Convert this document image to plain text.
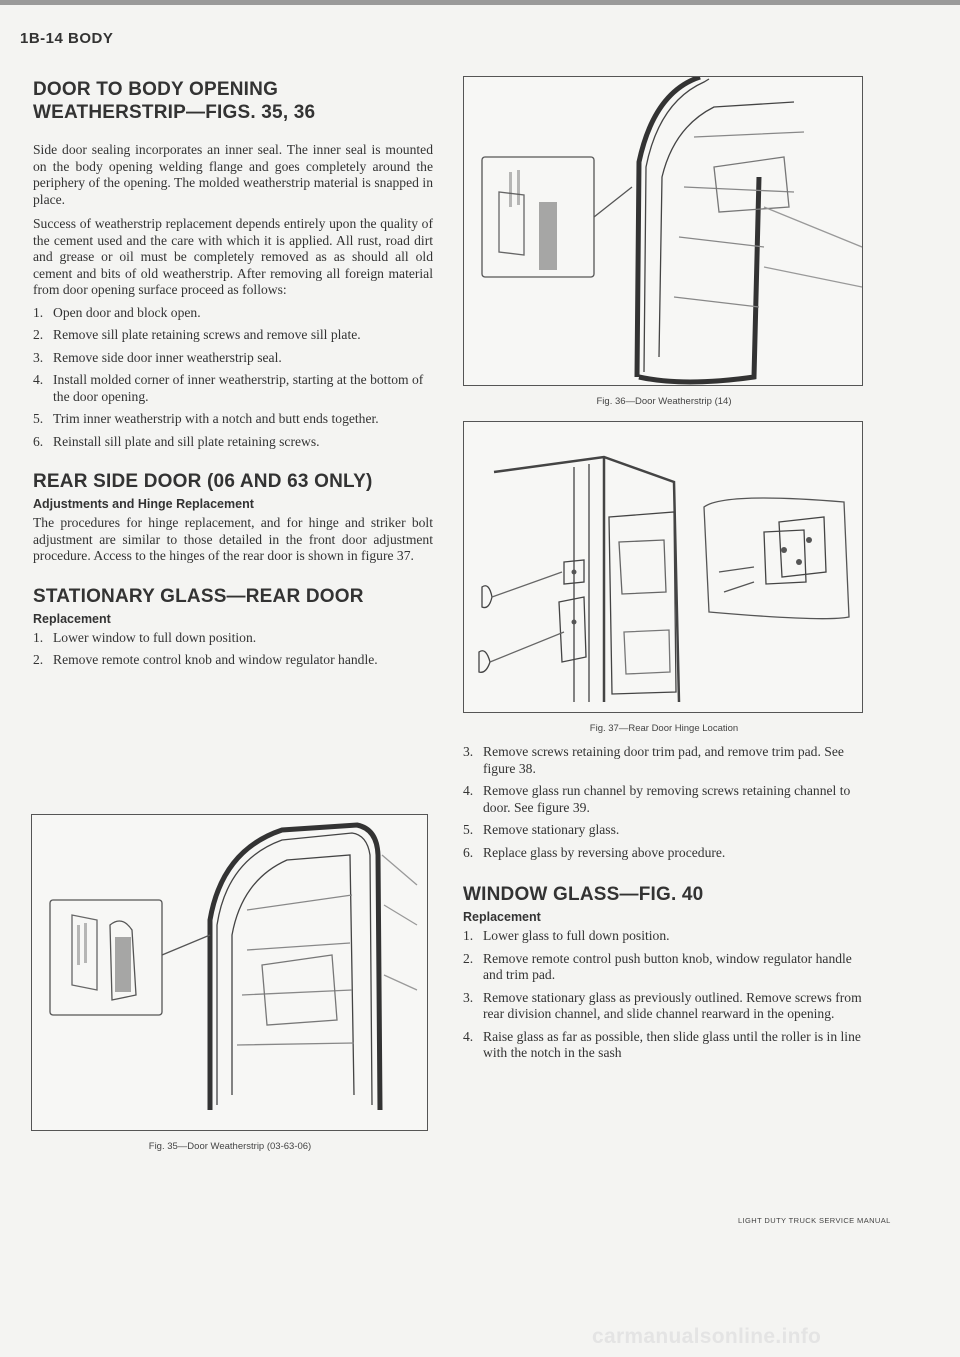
1B-14 BODY
DOOR TO BODY OPENING
WEATHERSTRIP—FIGS. 35, 36

Side door sealing incorporates an inner seal. The inner seal is mounted on the body opening welding flange and goes completely around the periphery of the opening. The molded weatherstrip material is snapped in place.

Success of weatherstrip replacement depends entirely upon the quality of the cement used and the care with which it is applied. All rust, road dirt and grease or oil must be completely removed as as should all old cement and bits of old weatherstrip. After removing all foreign material from door opening surface proceed as follows:

1. Open door and block open.
2. Remove sill plate retaining screws and remove sill plate.
3. Remove side door inner weatherstrip seal.
4. Install molded corner of inner weatherstrip, starting at the bottom of the door opening.
5. Trim inner weatherstrip with a notch and butt ends together.
6. Reinstall sill plate and sill plate retaining screws.
REAR SIDE DOOR (06 AND 63 ONLY)
Adjustments and Hinge Replacement

The procedures for hinge replacement, and for hinge and striker bolt adjustment are similar to those detailed in the front door adjustment procedure. Access to the hinges of the rear door is shown in figure 37.

STATIONARY GLASS—REAR DOOR
Replacement
1. Lower window to full down position.
2. Remove remote control knob and window regulator handle.
Fig. 35—Door Weatherstrip (03-63-06)
Fig. 36—Door Weatherstrip (14)
Fig. 37—Rear Door Hinge Location
3. Remove screws retaining door trim pad, and remove trim pad. See figure 38.
4. Remove glass run channel by removing screws retaining channel to door. See figure 39.
5. Remove stationary glass.
6. Replace glass by reversing above procedure.
WINDOW GLASS—FIG. 40
Replacement
1. Lower glass to full down position.
2. Remove remote control push button knob, window regulator handle and trim pad.
3. Remove stationary glass as previously outlined. Remove screws from rear division channel, and slide channel rearward in the opening.
4. Raise glass as far as possible, then slide glass until the roller is in line with the notch in the sash
LIGHT DUTY TRUCK SERVICE MANUAL
carmanualsonline.info
